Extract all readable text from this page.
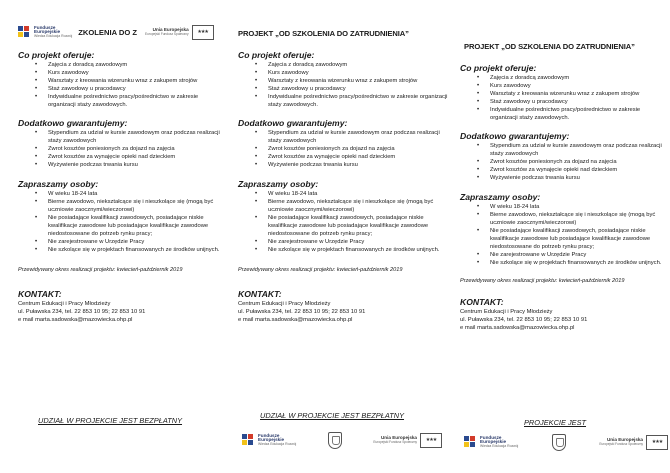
Fundusze
Europejskie
Wiedza Edukacja Rozwój ZKOLENIA DO Z	Unia Europejska
Europejski Fundusz Społeczny ★★★

Co projekt oferuje:

• Zajęcia z doradcą zawodowym
• Kurs zawodowy
• Warsztaty z kreowania wizerunku wraz z zakupem strojów
• Staż zawodowy u pracodawcy
• Indywidualne pośrednictwo pracy/pośrednictwo w zakresie organizacji staży zawodowych.

Dodatkowo gwarantujemy:

• Stypendium za udział w kursie zawodowym oraz podczas realizacji staży zawodowych
• Zwrot kosztów poniesionych za dojazd na zajęcia
• Zwrot kosztów za wynajęcie opieki nad dzieckiem
• Wyżywienie podczas trwania kursu

Zapraszamy osoby:

• W wieku 18-24 lata
• Bierne zawodowo, niekształcące się i nieszkolące się (mogą być uczniowie zaocznymi/wieczorowi)
• Nie posiadające kwalifikacji zawodowych, posiadające niskie kwalifikacje zawodowe lub posiadające kwalifikacje zawodowe niedostosowane do potrzeb rynku pracy;
• Nie zarejestrowane w Urzędzie Pracy
• Nie szkolące się w projektach finansowanych ze środków unijnych.
Przewidywany okres realizacji projektu: kwiecień-październik 2019
KONTAKT:
Centrum Edukacji i Pracy Młodzieży
ul. Puławska 234, tel. 22 853 10 95; 22 853 10 91
e mail marta.sadowska@mazowiecka.ohp.pl
UDZIAŁ W PROJEKCIE JEST BEZPŁATNY
PROJEKT „OD SZKOLENIA DO ZATRUDNIENIA”

Co projekt oferuje:

• Zajęcia z doradcą zawodowym
• Kurs zawodowy
• Warsztaty z kreowania wizerunku wraz z zakupem strojów
• Staż zawodowy u pracodawcy
• Indywidualne pośrednictwo pracy/pośrednictwo w zakresie organizacji staży zawodowych.

Dodatkowo gwarantujemy:

• Stypendium za udział w kursie zawodowym oraz podczas realizacji staży zawodowych
• Zwrot kosztów poniesionych za dojazd na zajęcia
• Zwrot kosztów za wynajęcie opieki nad dzieckiem
• Wyżywienie podczas trwania kursu

Zapraszamy osoby:

• W wieku 18-24 lata
• Bierne zawodowo, niekształcące się i nieszkolące się (mogą być uczniowie zaocznymi/wieczorowi)
• Nie posiadające kwalifikacji zawodowych, posiadające niskie kwalifikacje zawodowe lub posiadające kwalifikacje zawodowe niedostosowane do potrzeb rynku pracy;
• Nie zarejestrowane w Urzędzie Pracy
• Nie szkolące się w projektach finansowanych ze środków unijnych.
Przewidywany okres realizacji projektu: kwiecień-październik 2019
KONTAKT:
Centrum Edukacji i Pracy Młodzieży
ul. Puławska 234, tel. 22 853 10 95; 22 853 10 91
e mail marta.sadowska@mazowiecka.ohp.pl
UDZIAŁ W PROJEKCIE JEST BEZPŁATNY
Fundusze
Europejskie
Wiedza Edukacja Rozwój
Unia Europejska
Europejski Fundusz Społeczny ★★★
PROJEKT „OD SZKOLENIA DO ZATRUDNIENIA”

Co projekt oferuje:

• Zajęcia z doradcą zawodowym
• Kurs zawodowy
• Warsztaty z kreowania wizerunku wraz z zakupem strojów
• Staż zawodowy u pracodawcy
• Indywidualne pośrednictwo pracy/pośrednictwo w zakresie organizacji staży zawodowych.

Dodatkowo gwarantujemy:

• Stypendium za udział w kursie zawodowym oraz podczas realizacji staży zawodowych
• Zwrot kosztów poniesionych za dojazd na zajęcia
• Zwrot kosztów za wynajęcie opieki nad dzieckiem
• Wyżywienie podczas trwania kursu

Zapraszamy osoby:

• W wieku 18-24 lata
• Bierne zawodowo, niekształcące się i nieszkolące się (mogą być uczniowie zaocznymi/wieczorowi)
• Nie posiadające kwalifikacji zawodowych, posiadające niskie kwalifikacje zawodowe lub posiadające kwalifikacje zawodowe niedostosowane do potrzeb rynku pracy;
• Nie zarejestrowane w Urzędzie Pracy
• Nie szkolące się w projektach finansowanych ze środków unijnych.
Przewidywany okres realizacji projektu: kwiecień-październik 2019
KONTAKT:
Centrum Edukacji i Pracy Młodzieży
ul. Puławska 234, tel. 22 853 10 95; 22 853 10 91
e mail marta.sadowska@mazowiecka.ohp.pl
PROJEKCIE JEST
Fundusze
Europejskie
Wiedza Edukacja Rozwój
Unia Europejska
Europejski Fundusz Społeczny ★★★
